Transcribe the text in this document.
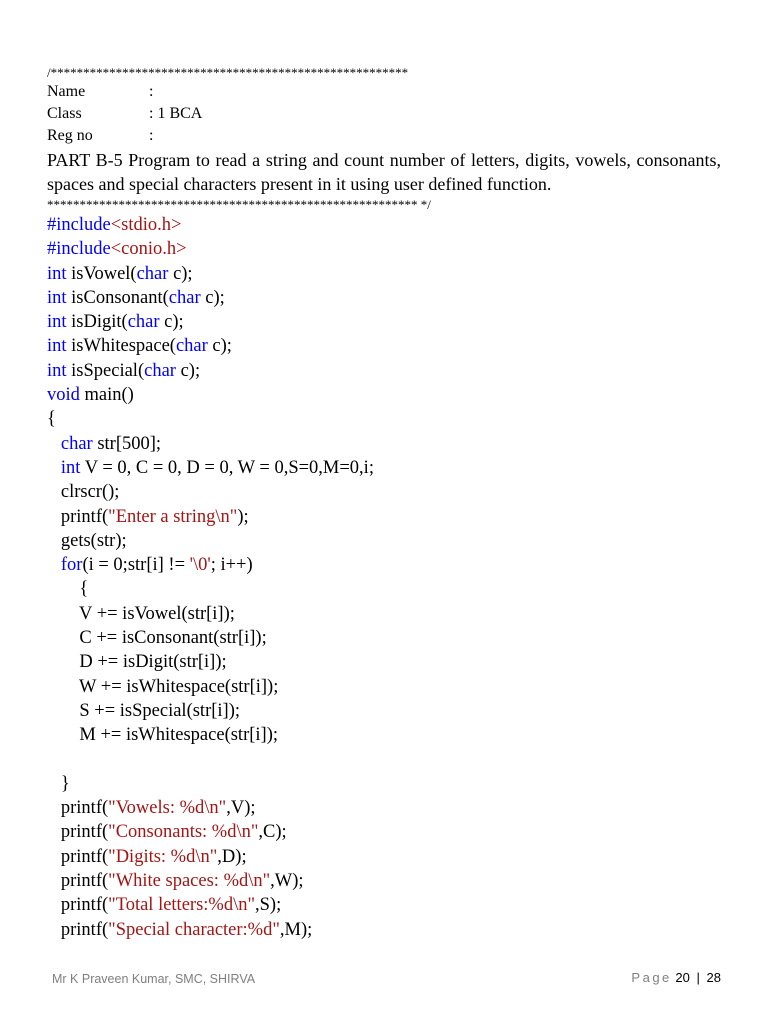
/*******************************************************
Name	:
Class	: 1 BCA
Reg no	:
PART B-5 Program to read a string and count number of letters, digits, vowels, consonants, spaces and special characters present in it using user defined function.
********************************************************* */
#include<stdio.h>
#include<conio.h>
int isVowel(char c);
int isConsonant(char c);
int isDigit(char c);
int isWhitespace(char c);
int isSpecial(char c);
void main()
{
char str[500];
int V = 0, C = 0, D = 0, W = 0,S=0,M=0,i;
clrscr();
printf("Enter a string\n");
gets(str);
for(i = 0;str[i] != '\0'; i++)
{
V += isVowel(str[i]);
C += isConsonant(str[i]);
D += isDigit(str[i]);
W += isWhitespace(str[i]);
S += isSpecial(str[i]);
M += isWhitespace(str[i]);
}
printf("Vowels: %d\n",V);
printf("Consonants: %d\n",C);
printf("Digits: %d\n",D);
printf("White spaces: %d\n",W);
printf("Total letters:%d\n",S);
printf("Special character:%d",M);
Mr K Praveen Kumar, SMC, SHIRVA	Page 20 | 28
